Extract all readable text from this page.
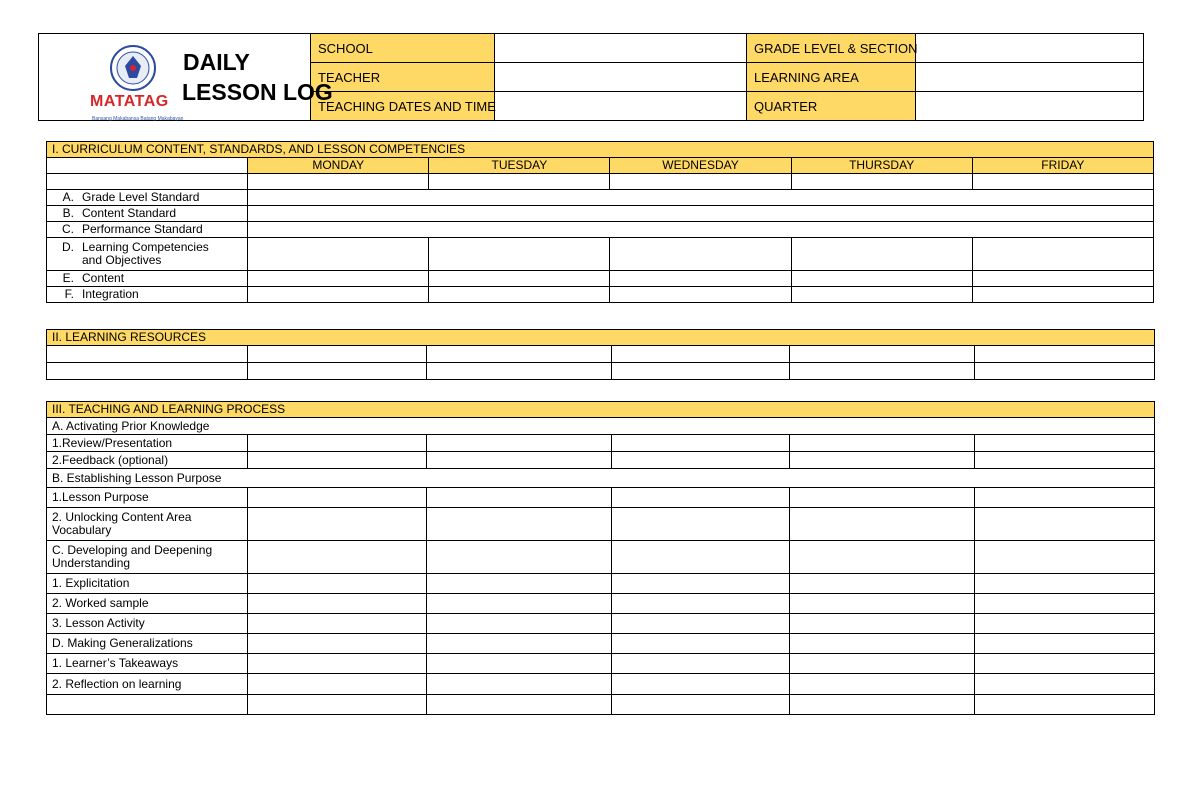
DAILY
LESSON LOG
MATATAG
Bansang Makabansa Batang Makabayan	SCHOOL		GRADE LEVEL & SECTION	
	TEACHER		LEARNING AREA	
	TEACHING DATES AND TIME		QUARTER	
I. CURRICULUM CONTENT, STANDARDS, AND LESSON COMPETENCIES					
	MONDAY	TUESDAY	WEDNESDAY	THURSDAY	FRIDAY

A. Grade Level Standard					
B. Content Standard					
C. Performance Standard					

D. Learning Competencies
and Objectives					

E. Content					
F. Integration					
II. LEARNING RESOURCES					

III. TEACHING AND LEARNING PROCESS					
A. Activating Prior Knowledge					
1.Review/Presentation					
2.Feedback (optional)					
B. Establishing Lesson Purpose					
1.Lesson Purpose					
2. Unlocking Content Area Vocabulary					
C. Developing and Deepening Understanding					
1. Explicitation					
2. Worked sample					
3. Lesson Activity					
D. Making Generalizations					
1. Learner’s Takeaways					
2. Reflection on learning					
